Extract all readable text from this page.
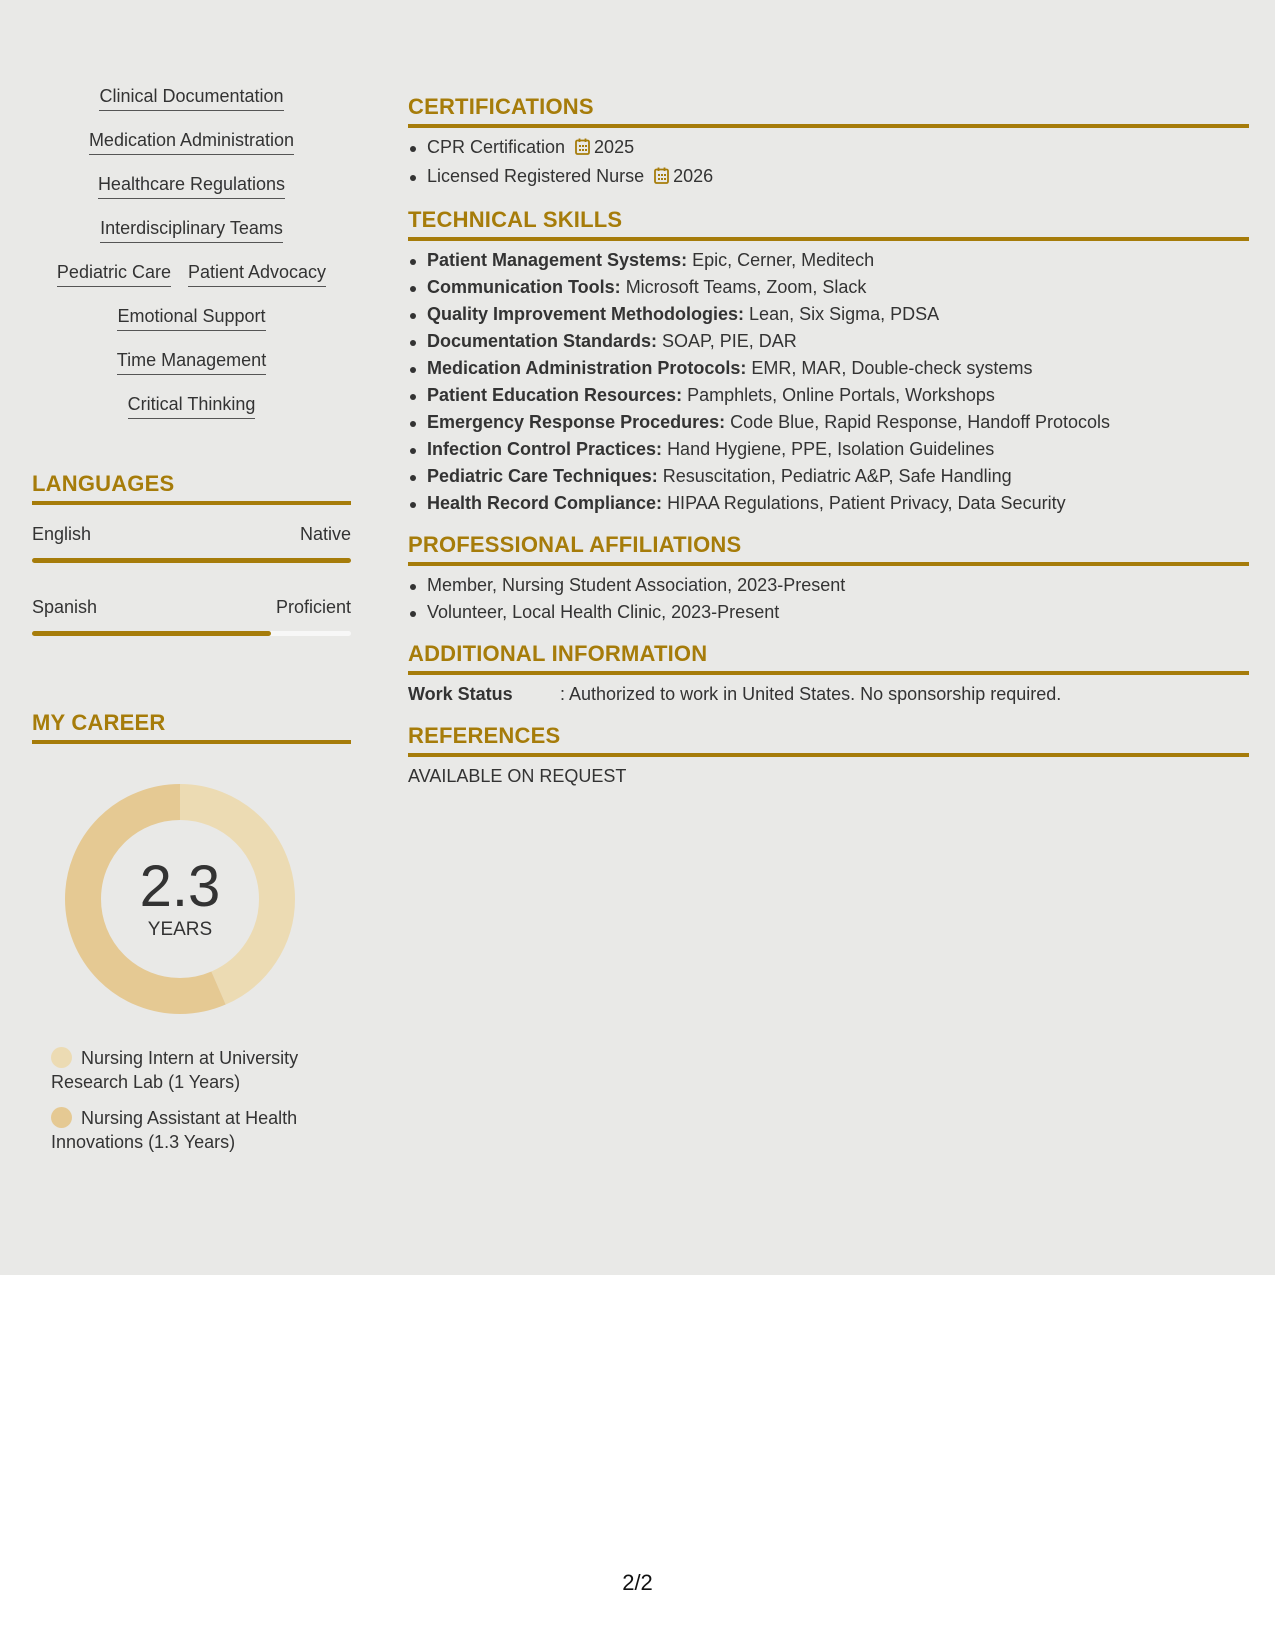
Clinical Documentation
Medication Administration
Healthcare Regulations
Interdisciplinary Teams
Pediatric Care Patient Advocacy
Emotional Support
Time Management
Critical Thinking
LANGUAGES
English	Native
Spanish	Proficient
MY CAREER
2.3
YEARS
Nursing Intern at University Research Lab (1 Years)
Nursing Assistant at Health Innovations (1.3 Years)
CERTIFICATIONS
CPR Certification 2025
Licensed Registered Nurse 2026
TECHNICAL SKILLS
Patient Management Systems: Epic, Cerner, Meditech
Communication Tools: Microsoft Teams, Zoom, Slack
Quality Improvement Methodologies: Lean, Six Sigma, PDSA
Documentation Standards: SOAP, PIE, DAR
Medication Administration Protocols: EMR, MAR, Double-check systems
Patient Education Resources: Pamphlets, Online Portals, Workshops
Emergency Response Procedures: Code Blue, Rapid Response, Handoff Protocols
Infection Control Practices: Hand Hygiene, PPE, Isolation Guidelines
Pediatric Care Techniques: Resuscitation, Pediatric A&P, Safe Handling
Health Record Compliance: HIPAA Regulations, Patient Privacy, Data Security
PROFESSIONAL AFFILIATIONS
Member, Nursing Student Association, 2023-Present
Volunteer, Local Health Clinic, 2023-Present
ADDITIONAL INFORMATION
Work Status	: Authorized to work in United States. No sponsorship required.
REFERENCES
AVAILABLE ON REQUEST
2/2
